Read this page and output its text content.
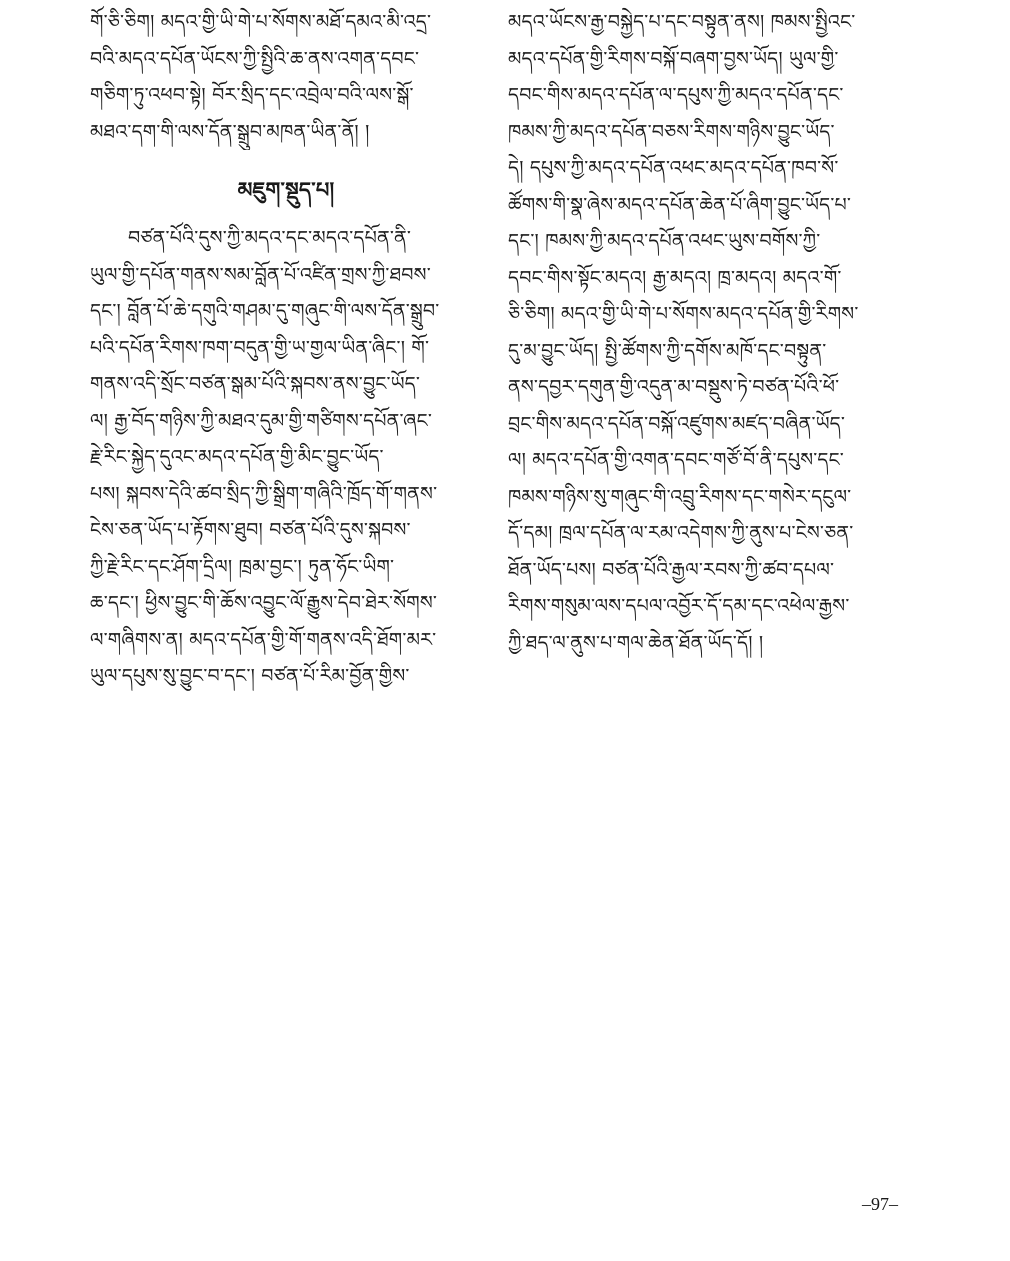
གོ་ཅི་ཅིག། མདའ་གྱི་ཡི་གེ་པ་སོགས་མཐོ་དམའ་མི་འདྲ་
བའི་མདའ་དཔོན་ཡོངས་ཀྱི་སྤྱིའི་ཆ་ནས་འགན་དབང་
གཅིག་ཏུ་འཕབ་སྟེ། བོར་སྲིད་དང་འབྲེལ་བའི་ལས་སྒོ་
མཐའ་དག་གི་ལས་དོན་སྒྲུབ་མཁན་ཡིན་ནོ། །
མཇུག་སྡུད་པ།
བཙན་པོའི་དུས་ཀྱི་མདའ་དང་མདའ་དཔོན་ནི་
ཡུལ་གྱི་དཔོན་གནས་སམ་བློན་པོ་འཛིན་གྲས་ཀྱི་ཐབས་
དང་། བློན་པོ་ཆེ་དགུའི་གཤམ་དུ་གཞུང་གི་ལས་དོན་སྒྲུབ་
པའི་དཔོན་རིགས་ཁག་བདུན་གྱི་ཡ་གྱལ་ཡིན་ཞིང་། གོ་
གནས་འདི་སྲོང་བཙན་སྒམ་པོའི་སྐབས་ནས་བྱུང་ཡོད་
ལ། རྒྱ་བོད་གཉིས་ཀྱི་མཐའ་དུམ་གྱི་གཙིགས་དཔོན་ཞང་
རྗེ་རིང་སྐྱེད་དུའང་མདའ་དཔོན་གྱི་མིང་བྱུང་ཡོད་
པས། སྐབས་དེའི་ཚབ་སྲིད་ཀྱི་སྒྲིག་གཞིའི་ཁྲོད་གོ་གནས་
ངེས་ཅན་ཡོད་པ་རྟོགས་ཐུབ། བཙན་པོའི་དུས་སྐབས་
ཀྱི་རྗེ་རིང་དང་ཤོག་དྲིལ། ཁྲམ་བྱང་། ཏུན་ཧོང་ཡིག་
ཆ་དང་། ཕྱིས་བྱུང་གི་ཆོས་འབྱུང་ལོ་རྒྱུས་དེབ་ཐེར་སོགས་
ལ་གཞིགས་ན། མདའ་དཔོན་གྱི་གོ་གནས་འདི་ཐོག་མར་
ཡུལ་དཔུས་སུ་བྱུང་བ་དང་། བཙན་པོ་རིམ་བྱོན་གྱིས་
མདའ་ཡོངས་རྒྱ་བསྐྱེད་པ་དང་བསྟུན་ནས། ཁམས་སྤྱིའང་
མདའ་དཔོན་གྱི་རིགས་བསྐོ་བཞག་བྱས་ཡོད། ཡུལ་གྱི་
དབང་གིས་མདའ་དཔོན་ལ་དཔུས་ཀྱི་མདའ་དཔོན་དང་
ཁམས་ཀྱི་མདའ་དཔོན་བཅས་རིགས་གཉིས་བྱུང་ཡོད་
དེ། དཔུས་ཀྱི་མདའ་དཔོན་འཕང་མདའ་དཔོན་ཁབ་སོ་
ཚོགས་གི་སྣ་ཞེས་མདའ་དཔོན་ཆེན་པོ་ཞིག་བྱུང་ཡོད་པ་
དང་། ཁམས་ཀྱི་མདའ་དཔོན་འཕང་ཡུས་བགོས་ཀྱི་
དབང་གིས་སྟོང་མདའ། རྒྱ་མདའ། ཁྲ་མདའ། མདའ་གོ་
ཅི་ཅིག། མདའ་གྱི་ཡི་གེ་པ་སོགས་མདའ་དཔོན་གྱི་རིགས་
དུ་མ་བྱུང་ཡོད། སྤྱི་ཚོགས་ཀྱི་དགོས་མཁོ་དང་བསྟུན་
ནས་དབྱར་དགུན་གྱི་འདུན་མ་བསྡུས་ཏེ་བཙན་པོའི་ཕོ་
བྲང་གིས་མདའ་དཔོན་བསྐོ་འཛུགས་མཛད་བཞིན་ཡོད་
ལ། མདའ་དཔོན་གྱི་འགན་དབང་གཙོ་བོ་ནི་དཔུས་དང་
ཁམས་གཉིས་སུ་གཞུང་གི་འབྲུ་རིགས་དང་གསེར་དངུལ་
དོ་དམ། ཁྲལ་དཔོན་ལ་རམ་འདེགས་ཀྱི་ནུས་པ་ངེས་ཅན་
ཐོན་ཡོད་པས། བཙན་པོའི་རྒྱལ་རབས་ཀྱི་ཚབ་དཔལ་
རིགས་གསུམ་ལས་དཔལ་འབྱོར་དོ་དམ་དང་འཕེལ་རྒྱས་
ཀྱི་ཐད་ལ་ནུས་པ་གལ་ཆེན་ཐོན་ཡོད་དོ། །
–97–
